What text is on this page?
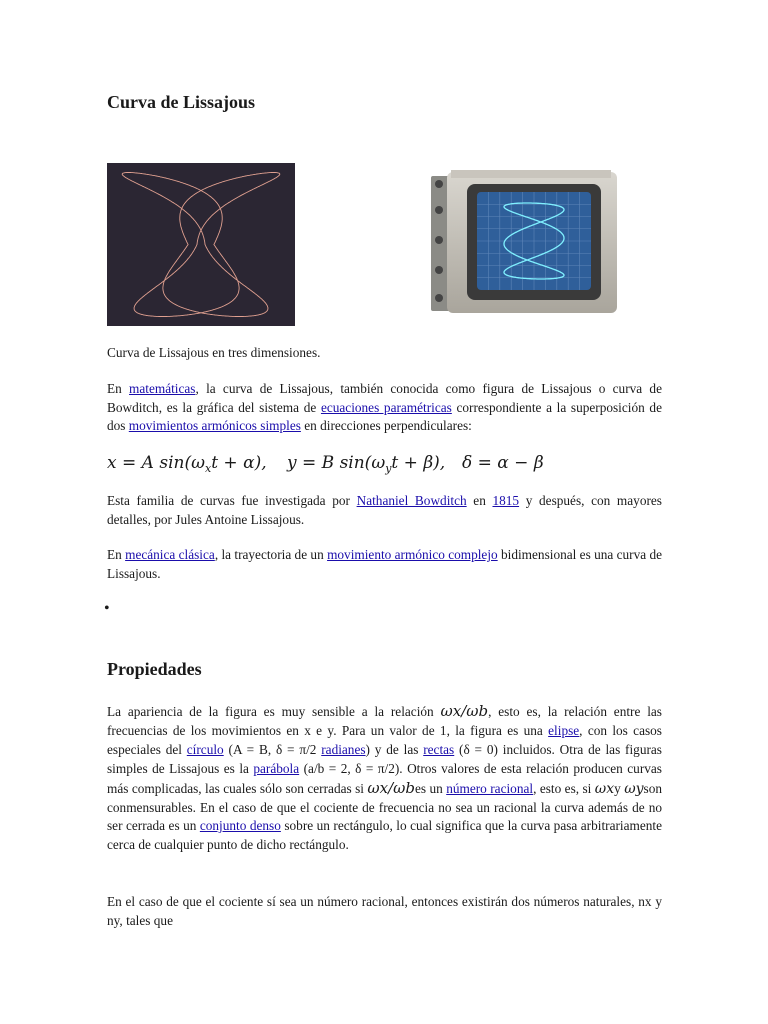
Curva de Lissajous

Curva de Lissajous en tres dimensiones.

En matemáticas, la curva de Lissajous, también conocida como figura de Lissajous o curva de Bowditch, es la gráfica del sistema de ecuaciones paramétricas correspondiente a la superposición de dos movimientos armónicos simples en direcciones perpendiculares:

x = A $\sin(\omega_xt + \alpha)$, y = B $\sin(\omega_yt + \beta)$, δ = α − β

Esta familia de curvas fue investigada por Nathaniel Bowditch en 1815 y después, con mayores detalles, por Jules Antoine Lissajous.

En mecánica clásica, la trayectoria de un movimiento armónico complejo bidimensional es una curva de Lissajous.

•
Propiedades

La apariencia de la figura es muy sensible a la relación ωx/ωb, esto es, la relación entre las frecuencias de los movimientos en x e y. Para un valor de 1, la figura es una elipse, con los casos especiales del círculo (A = B, δ = π/2 radianes) y de las rectas (δ = 0) incluidos. Otra de las figuras simples de Lissajous es la parábola (a/b = 2, δ = π/2). Otros valores de esta relación producen curvas más complicadas, las cuales sólo son cerradas si ωx/ωbes un número racional, esto es, si ωxy ωyson conmensurables. En el caso de que el cociente de frecuencia no sea un racional la curva además de no ser cerrada es un conjunto denso sobre un rectángulo, lo cual significa que la curva pasa arbitrariamente cerca de cualquier punto de dicho rectángulo.

En el caso de que el cociente sí sea un número racional, entonces existirán dos números naturales, nx y ny, tales que
